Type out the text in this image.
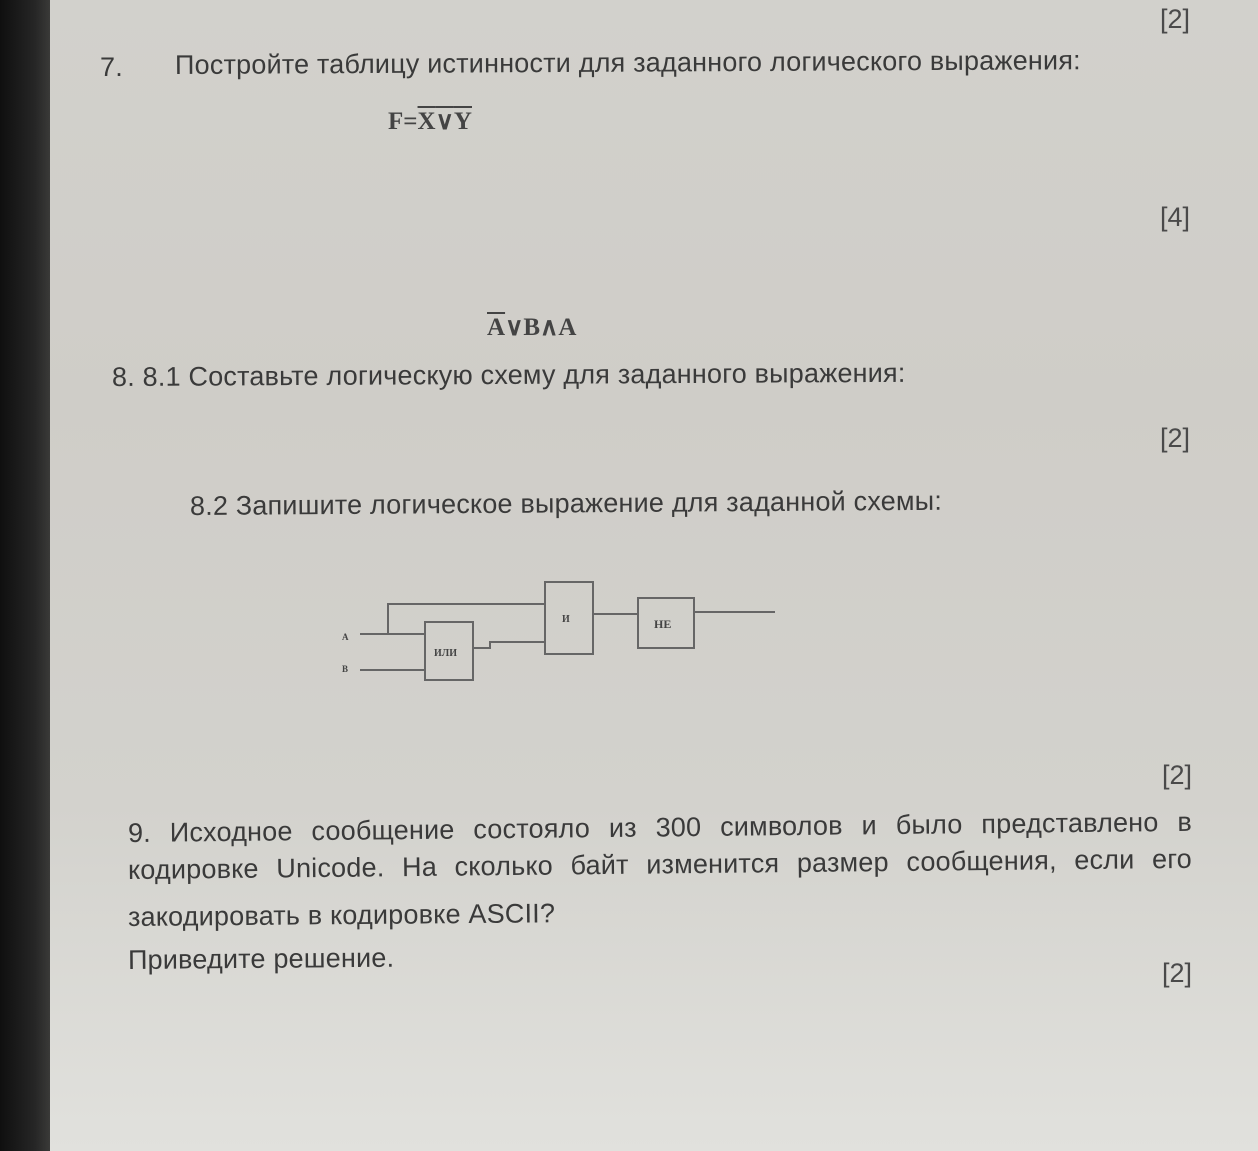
[2]
[4]
[2]
[2]
[2]
7. Постройте таблицу истинности для заданного логического выражения:
F=X∨Y
$\overline{A}\vee B\wedge A$
8. 8.1 Составьте логическую схему для заданного выражения:
8.2 Запишите логическое выражение для заданной схемы:
A
B
ИЛИ
И	НЕ
9. Исходное сообщение состояло из 300 символов и было представлено в
кодировке Unicode. На сколько байт изменится размер сообщения, если его
закодировать в кодировке ASCII?
Приведите решение.
